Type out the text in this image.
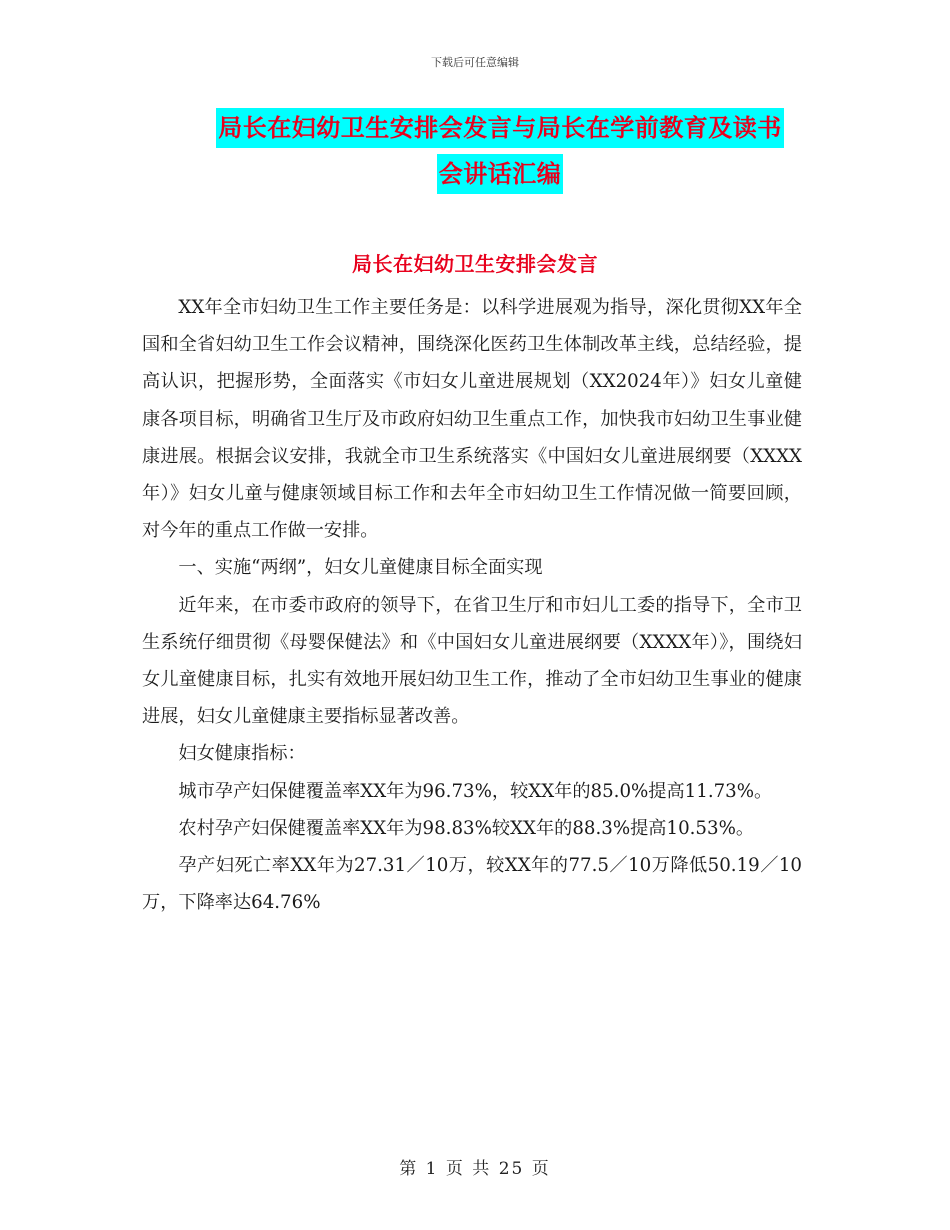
下载后可任意编辑
局长在妇幼卫生安排会发言与局长在学前教育及读书
会讲话汇编
局长在妇幼卫生安排会发言

XX年全市妇幼卫生工作主要任务是：以科学进展观为指导，深化贯彻XX年全国和全省妇幼卫生工作会议精神，围绕深化医药卫生体制改革主线，总结经验，提高认识，把握形势，全面落实《市妇女儿童进展规划（XX2024年）》妇女儿童健康各项目标，明确省卫生厅及市政府妇幼卫生重点工作，加快我市妇幼卫生事业健康进展。根据会议安排，我就全市卫生系统落实《中国妇女儿童进展纲要（XXXX年）》妇女儿童与健康领域目标工作和去年全市妇幼卫生工作情况做一简要回顾，对今年的重点工作做一安排。

一、实施“两纲”，妇女儿童健康目标全面实现

近年来，在市委市政府的领导下，在省卫生厅和市妇儿工委的指导下，全市卫生系统仔细贯彻《母婴保健法》和《中国妇女儿童进展纲要（XXXX年）》，围绕妇女儿童健康目标，扎实有效地开展妇幼卫生工作，推动了全市妇幼卫生事业的健康进展，妇女儿童健康主要指标显著改善。

妇女健康指标：

城市孕产妇保健覆盖率XX年为96.73%，较XX年的85.0%提高11.73%。

农村孕产妇保健覆盖率XX年为98.83%较XX年的88.3%提高10.53%。

孕产妇死亡率XX年为27.31／10万，较XX年的77.5／10万降低50.19／10万，下降率达64.76%

第 1 页 共 25 页
